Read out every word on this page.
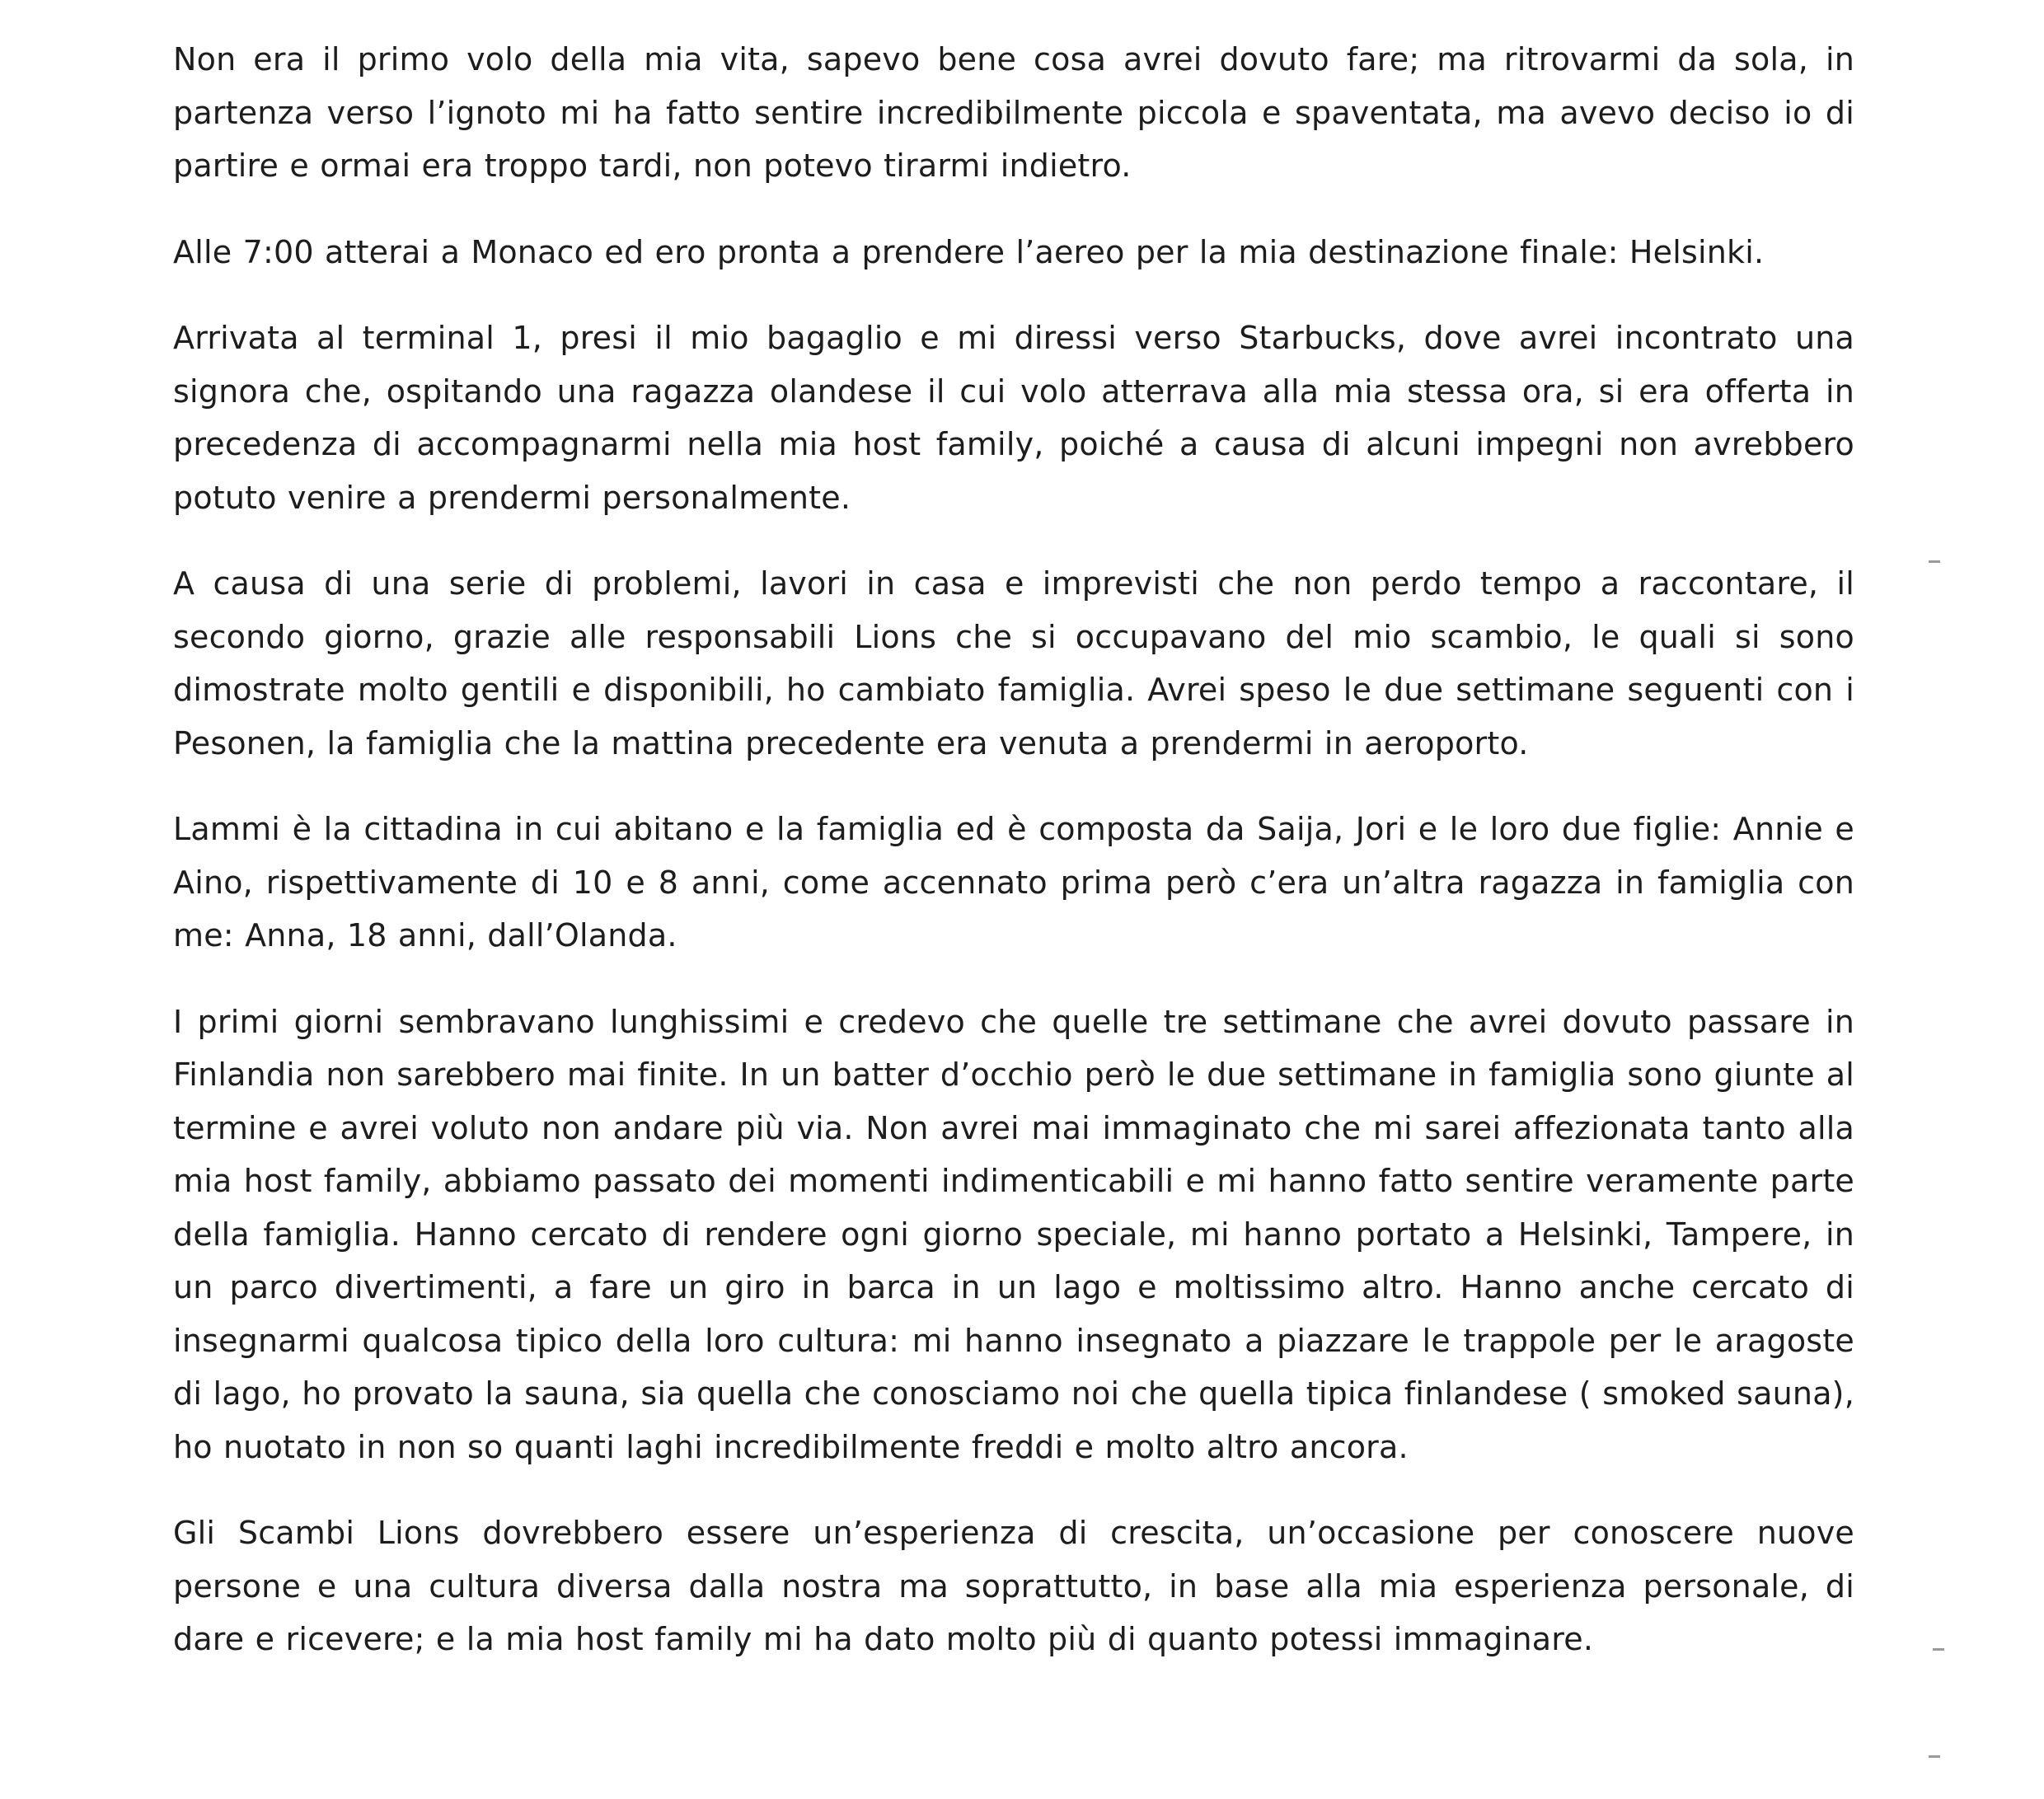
Non era il primo volo della mia vita, sapevo bene cosa avrei dovuto fare; ma ritrovarmi da sola, in partenza verso l’ignoto mi ha fatto sentire incredibilmente piccola e spaventata, ma avevo deciso io di partire e ormai era troppo tardi, non potevo tirarmi indietro.

Alle 7:00 atterai a Monaco ed ero pronta a prendere l’aereo per la mia destinazione finale: Helsinki.

Arrivata al terminal 1, presi il mio bagaglio e mi diressi verso Starbucks, dove avrei incontrato una signora che, ospitando una ragazza olandese il cui volo atterrava alla mia stessa ora, si era offerta in precedenza di accompagnarmi nella mia host family, poiché a causa di alcuni impegni non avrebbero potuto venire a prendermi personalmente.

A causa di una serie di problemi, lavori in casa e imprevisti che non perdo tempo a raccontare, il secondo giorno, grazie alle responsabili Lions che si occupavano del mio scambio, le quali si sono dimostrate molto gentili e disponibili, ho cambiato famiglia. Avrei speso le due settimane seguenti con i Pesonen, la famiglia che la mattina precedente era venuta a prendermi in aeroporto.

Lammi è la cittadina in cui abitano e la famiglia ed è composta da Saija, Jori e le loro due figlie: Annie e Aino, rispettivamente di 10 e 8 anni, come accennato prima però c’era un’altra ragazza in famiglia con me: Anna, 18 anni, dall’Olanda.

I primi giorni sembravano lunghissimi e credevo che quelle tre settimane che avrei dovuto passare in Finlandia non sarebbero mai finite. In un batter d’occhio però le due settimane in famiglia sono giunte al termine e avrei voluto non andare più via. Non avrei mai immaginato che mi sarei affezionata tanto alla mia host family, abbiamo passato dei momenti indimenticabili e mi hanno fatto sentire veramente parte della famiglia. Hanno cercato di rendere ogni giorno speciale, mi hanno portato a Helsinki, Tampere, in un parco divertimenti, a fare un giro in barca in un lago e moltissimo altro. Hanno anche cercato di insegnarmi qualcosa tipico della loro cultura: mi hanno insegnato a piazzare le trappole per le aragoste di lago, ho provato la sauna, sia quella che conosciamo noi che quella tipica finlandese ( smoked sauna), ho nuotato in non so quanti laghi incredibilmente freddi e molto altro ancora.

Gli Scambi Lions dovrebbero essere un’esperienza di crescita, un’occasione per conoscere nuove persone e una cultura diversa dalla nostra ma soprattutto, in base alla mia esperienza personale, di dare e ricevere; e la mia host family mi ha dato molto più di quanto potessi immaginare.
